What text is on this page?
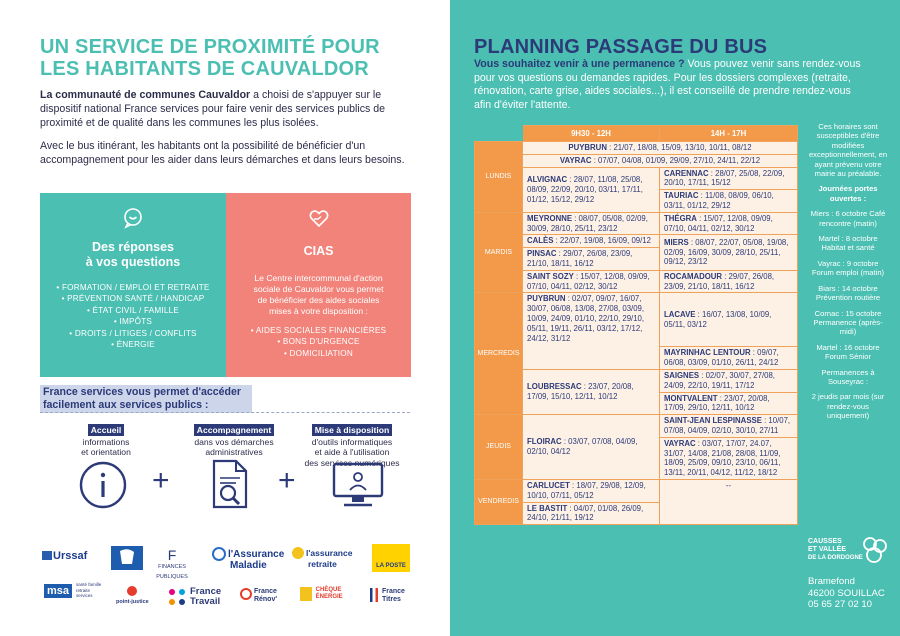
UN SERVICE DE PROXIMITÉ POUR
LES HABITANTS DE CAUVALDOR
La communauté de communes Cauvaldor a choisi de s'appuyer sur le dispositif national France services pour faire venir des services publics de proximité et de qualité dans les communes les plus isolées.
Avec le bus itinérant, les habitants ont la possibilité de bénéficier d'un accompagnement pour les aider dans leurs démarches et dans leurs besoins.
Des réponses
à vos questions
• FORMATION / EMPLOI ET RETRAITE
• PRÉVENTION SANTÉ / HANDICAP
• ÉTAT CIVIL / FAMILLE
• IMPÔTS
• DROITS / LITIGES / CONFLITS
• ÉNERGIE
CIAS
Le Centre intercommunal d'action sociale de Cauvaldor vous permet de bénéficier des aides sociales mises à votre disposition :
• AIDES SOCIALES FINANCIÈRES
• BONS D'URGENCE
• DOMICILIATION
France services vous permet d'accéder
facilement aux services publics :
Accueil
informations
et orientation
Accompagnement
dans vos démarches
administratives
Mise à disposition
d'outils informatiques
et aide à l'utilisation
des services numériques
+	+
Urssaf	F
FINANCES PUBLIQUES
l'Assurance
Maladie
l'assurance
retraite	LA POSTE
msa
santé famille retraite services
point-justice
France
Travail
France
Rénov'
CHÈQUE
ÉNERGIE
France
Titres
PLANNING PASSAGE DU BUS
Vous souhaitez venir à une permanence ? Vous pouvez venir sans rendez-vous pour vos questions ou demandes rapides. Pour les dossiers complexes (retraite, rénovation, carte grise, aides sociales...), il est conseillé de prendre rendez-vous afin d'éviter l'attente.
	9H30 - 12H	14H - 17H
LUNDIS	PUYBRUN : 21/07, 18/08, 15/09, 13/10, 10/11, 08/12	
	VAYRAC : 07/07, 04/08, 01/09, 29/09, 27/10, 24/11, 22/12	
	ALVIGNAC : 28/07, 11/08, 25/08, 08/09, 22/09, 20/10, 03/11, 17/11, 01/12, 15/12, 29/12	CARENNAC : 28/07, 25/08, 22/09, 20/10, 17/11, 15/12
		TAURIAC : 11/08, 08/09, 06/10, 03/11, 01/12, 29/12
MARDIS	MEYRONNE : 08/07, 05/08, 02/09, 30/09, 28/10, 25/11, 23/12	THÉGRA : 15/07, 12/08, 09/09, 07/10, 04/11, 02/12, 30/12
	CALÈS : 22/07, 19/08, 16/09, 09/12	MIERS : 08/07, 22/07, 05/08, 19/08, 02/09, 16/09, 30/09, 28/10, 25/11, 09/12, 23/12
	PINSAC : 29/07, 26/08, 23/09, 21/10, 18/11, 16/12	
	SAINT SOZY : 15/07, 12/08, 09/09, 07/10, 04/11, 02/12, 30/12	ROCAMADOUR : 29/07, 26/08, 23/09, 21/10, 18/11, 16/12
MERCREDIS	PUYBRUN : 02/07, 09/07, 16/07, 30/07, 06/08, 13/08, 27/08, 03/09, 10/09, 24/09, 01/10, 22/10, 29/10, 05/11, 19/11, 26/11, 03/12, 17/12, 24/12, 31/12	LACAVE : 16/07, 13/08, 10/09, 05/11, 03/12
		MAYRINHAC LENTOUR : 09/07, 06/08, 03/09, 01/10, 26/11, 24/12
	LOUBRESSAC : 23/07, 20/08, 17/09, 15/10, 12/11, 10/12	SAIGNES : 02/07, 30/07, 27/08, 24/09, 22/10, 19/11, 17/12
		MONTVALENT : 23/07, 20/08, 17/09, 29/10, 12/11, 10/12
JEUDIS	FLOIRAC : 03/07, 07/08, 04/09, 02/10, 04/12	SAINT-JEAN LESPINASSE : 10/07, 07/08, 04/09, 02/10, 30/10, 27/11
		VAYRAC : 03/07, 17/07, 24.07, 31/07, 14/08, 21/08, 28/08, 11/09, 18/09, 25/09, 09/10, 23/10, 06/11, 13/11, 20/11, 04/12, 11/12, 18/12
VENDREDIS	CARLUCET : 18/07, 29/08, 12/09, 10/10, 07/11, 05/12	--
	LE BASTIT : 04/07, 01/08, 26/09, 24/10, 21/11, 19/12	

Ces horaires sont susceptibles d'être modifiées exceptionnellement, en ayant prévenu votre mairie au préalable.

Journées portes ouvertes :

Miers : 6 octobre Café rencontre (matin)

Martel : 8 octobre Habitat et santé

Vayrac : 9 octobre Forum emploi (matin)

Biars : 14 octobre Prévention routière

Cornac : 15 octobre Permanence (après-midi)

Martel : 16 octobre Forum Sénior

Permanences à Souseyrac :

2 jeudis par mois (sur rendez-vous uniquement)

CAUSSES
ET VALLÉE
DE LA DORDOGNE
Bramefond
46200 SOUILLAC
05 65 27 02 10
